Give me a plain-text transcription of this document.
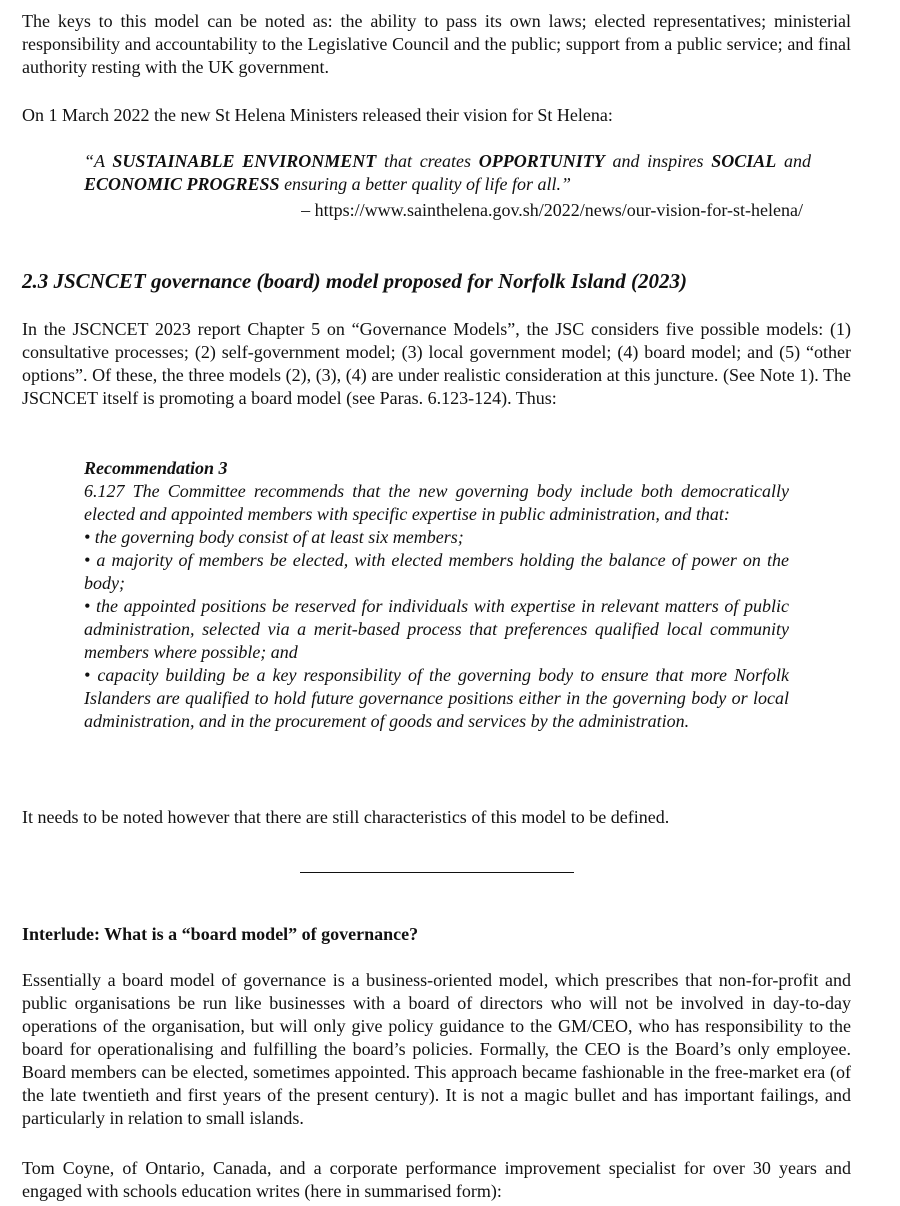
The keys to this model can be noted as: the ability to pass its own laws; elected representatives; ministerial responsibility and accountability to the Legislative Council and the public; support from a public service; and final authority resting with the UK government.

On 1 March 2022 the new St Helena Ministers released their vision for St Helena:

“A SUSTAINABLE ENVIRONMENT that creates OPPORTUNITY and inspires SOCIAL and ECONOMIC PROGRESS ensuring a better quality of life for all.”
– https://www.sainthelena.gov.sh/2022/news/our-vision-for-st-helena/
2.3 JSCNCET governance (board) model proposed for Norfolk Island (2023)

In the JSCNCET 2023 report Chapter 5 on “Governance Models”, the JSC considers five possible models: (1) consultative processes; (2) self-government model; (3) local government model; (4) board model; and (5) “other options”. Of these, the three models (2), (3), (4) are under realistic consideration at this juncture. (See Note 1). The JSCNCET itself is promoting a board model (see Paras. 6.123-124). Thus:

Recommendation 3

6.127 The Committee recommends that the new governing body include both democratically elected and appointed members with specific expertise in public administration, and that:

• the governing body consist of at least six members;

• a majority of members be elected, with elected members holding the balance of power on the body;

• the appointed positions be reserved for individuals with expertise in relevant matters of public administration, selected via a merit-based process that preferences qualified local community members where possible; and

• capacity building be a key responsibility of the governing body to ensure that more Norfolk Islanders are qualified to hold future governance positions either in the governing body or local administration, and in the procurement of goods and services by the administration.

It needs to be noted however that there are still characteristics of this model to be defined.

Interlude: What is a “board model” of governance?

Essentially a board model of governance is a business-oriented model, which prescribes that non-for-profit and public organisations be run like businesses with a board of directors who will not be involved in day-to-day operations of the organisation, but will only give policy guidance to the GM/CEO, who has responsibility to the board for operationalising and fulfilling the board’s policies. Formally, the CEO is the Board’s only employee. Board members can be elected, sometimes appointed. This approach became fashionable in the free-market era (of the late twentieth and first years of the present century). It is not a magic bullet and has important failings, and particularly in relation to small islands.

Tom Coyne, of Ontario, Canada, and a corporate performance improvement specialist for over 30 years and engaged with schools education writes (here in summarised form):
